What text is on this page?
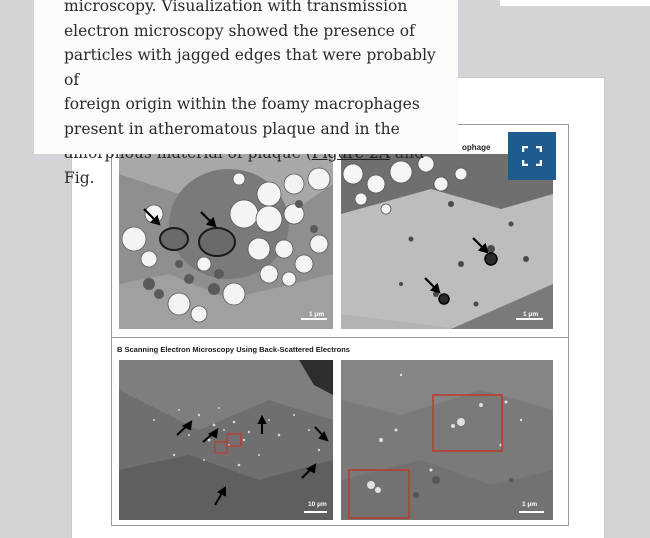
ophage
1 μm	1 μm
B Scanning Electron Microscopy Using Back-Scattered Electrons
10 μm	1 μm

microscopy. Visualization with transmission
electron microscopy showed the presence of
particles with jagged edges that were probably of
foreign origin within the foamy macrophages
present in atheromatous plaque and in the
Fig.
